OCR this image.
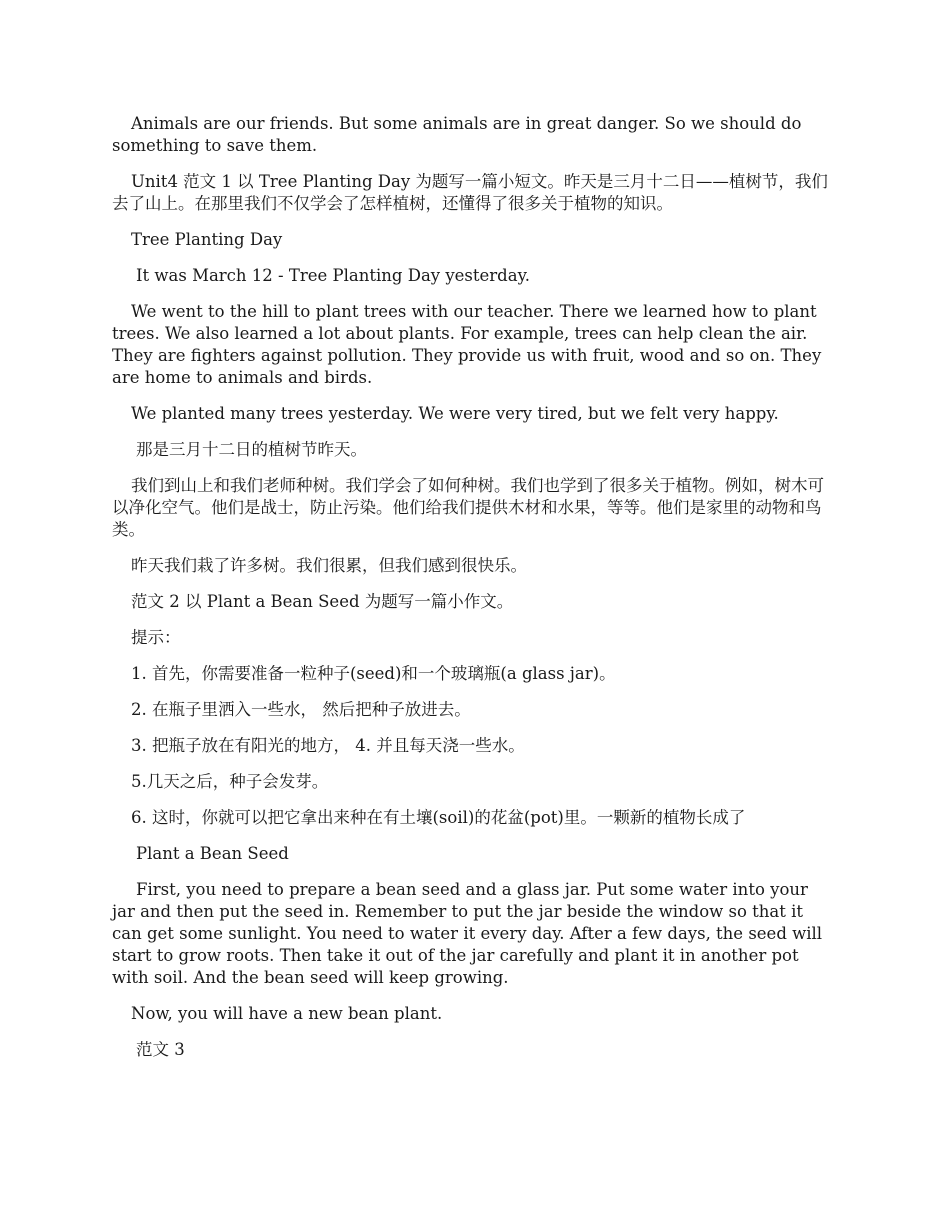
Animals are our friends. But some animals are in great danger. So we should do something to save them.

Unit4 范文 1 以 Tree Planting Day 为题写一篇小短文。昨天是三月十二日——植树节，我们去了山上。在那里我们不仅学会了怎样植树，还懂得了很多关于植物的知识。

Tree Planting Day

It was March 12 - Tree Planting Day yesterday.

We went to the hill to plant trees with our teacher. There we learned how to plant trees. We also learned a lot about plants. For example, trees can help clean the air. They are fighters against pollution. They provide us with fruit, wood and so on. They are home to animals and birds.

We planted many trees yesterday. We were very tired, but we felt very happy.

那是三月十二日的植树节昨天。

我们到山上和我们老师种树。我们学会了如何种树。我们也学到了很多关于植物。例如，树木可以净化空气。他们是战士，防止污染。他们给我们提供木材和水果，等等。他们是家里的动物和鸟类。

昨天我们栽了许多树。我们很累，但我们感到很快乐。

范文 2 以 Plant a Bean Seed 为题写一篇小作文。

提示：

1. 首先，你需要准备一粒种子(seed)和一个玻璃瓶(a glass jar)。

2. 在瓶子里洒入一些水， 然后把种子放进去。

3. 把瓶子放在有阳光的地方， 4. 并且每天浇一些水。

5.几天之后，种子会发芽。

6. 这时，你就可以把它拿出来种在有土壤(soil)的花盆(pot)里。一颗新的植物长成了

Plant a Bean Seed

First, you need to prepare a bean seed and a glass jar. Put some water into your jar and then put the seed in. Remember to put the jar beside the window so that it can get some sunlight. You need to water it every day. After a few days, the seed will start to grow roots. Then take it out of the jar carefully and plant it in another pot with soil. And the bean seed will keep growing.

Now, you will have a new bean plant.

范文 3
